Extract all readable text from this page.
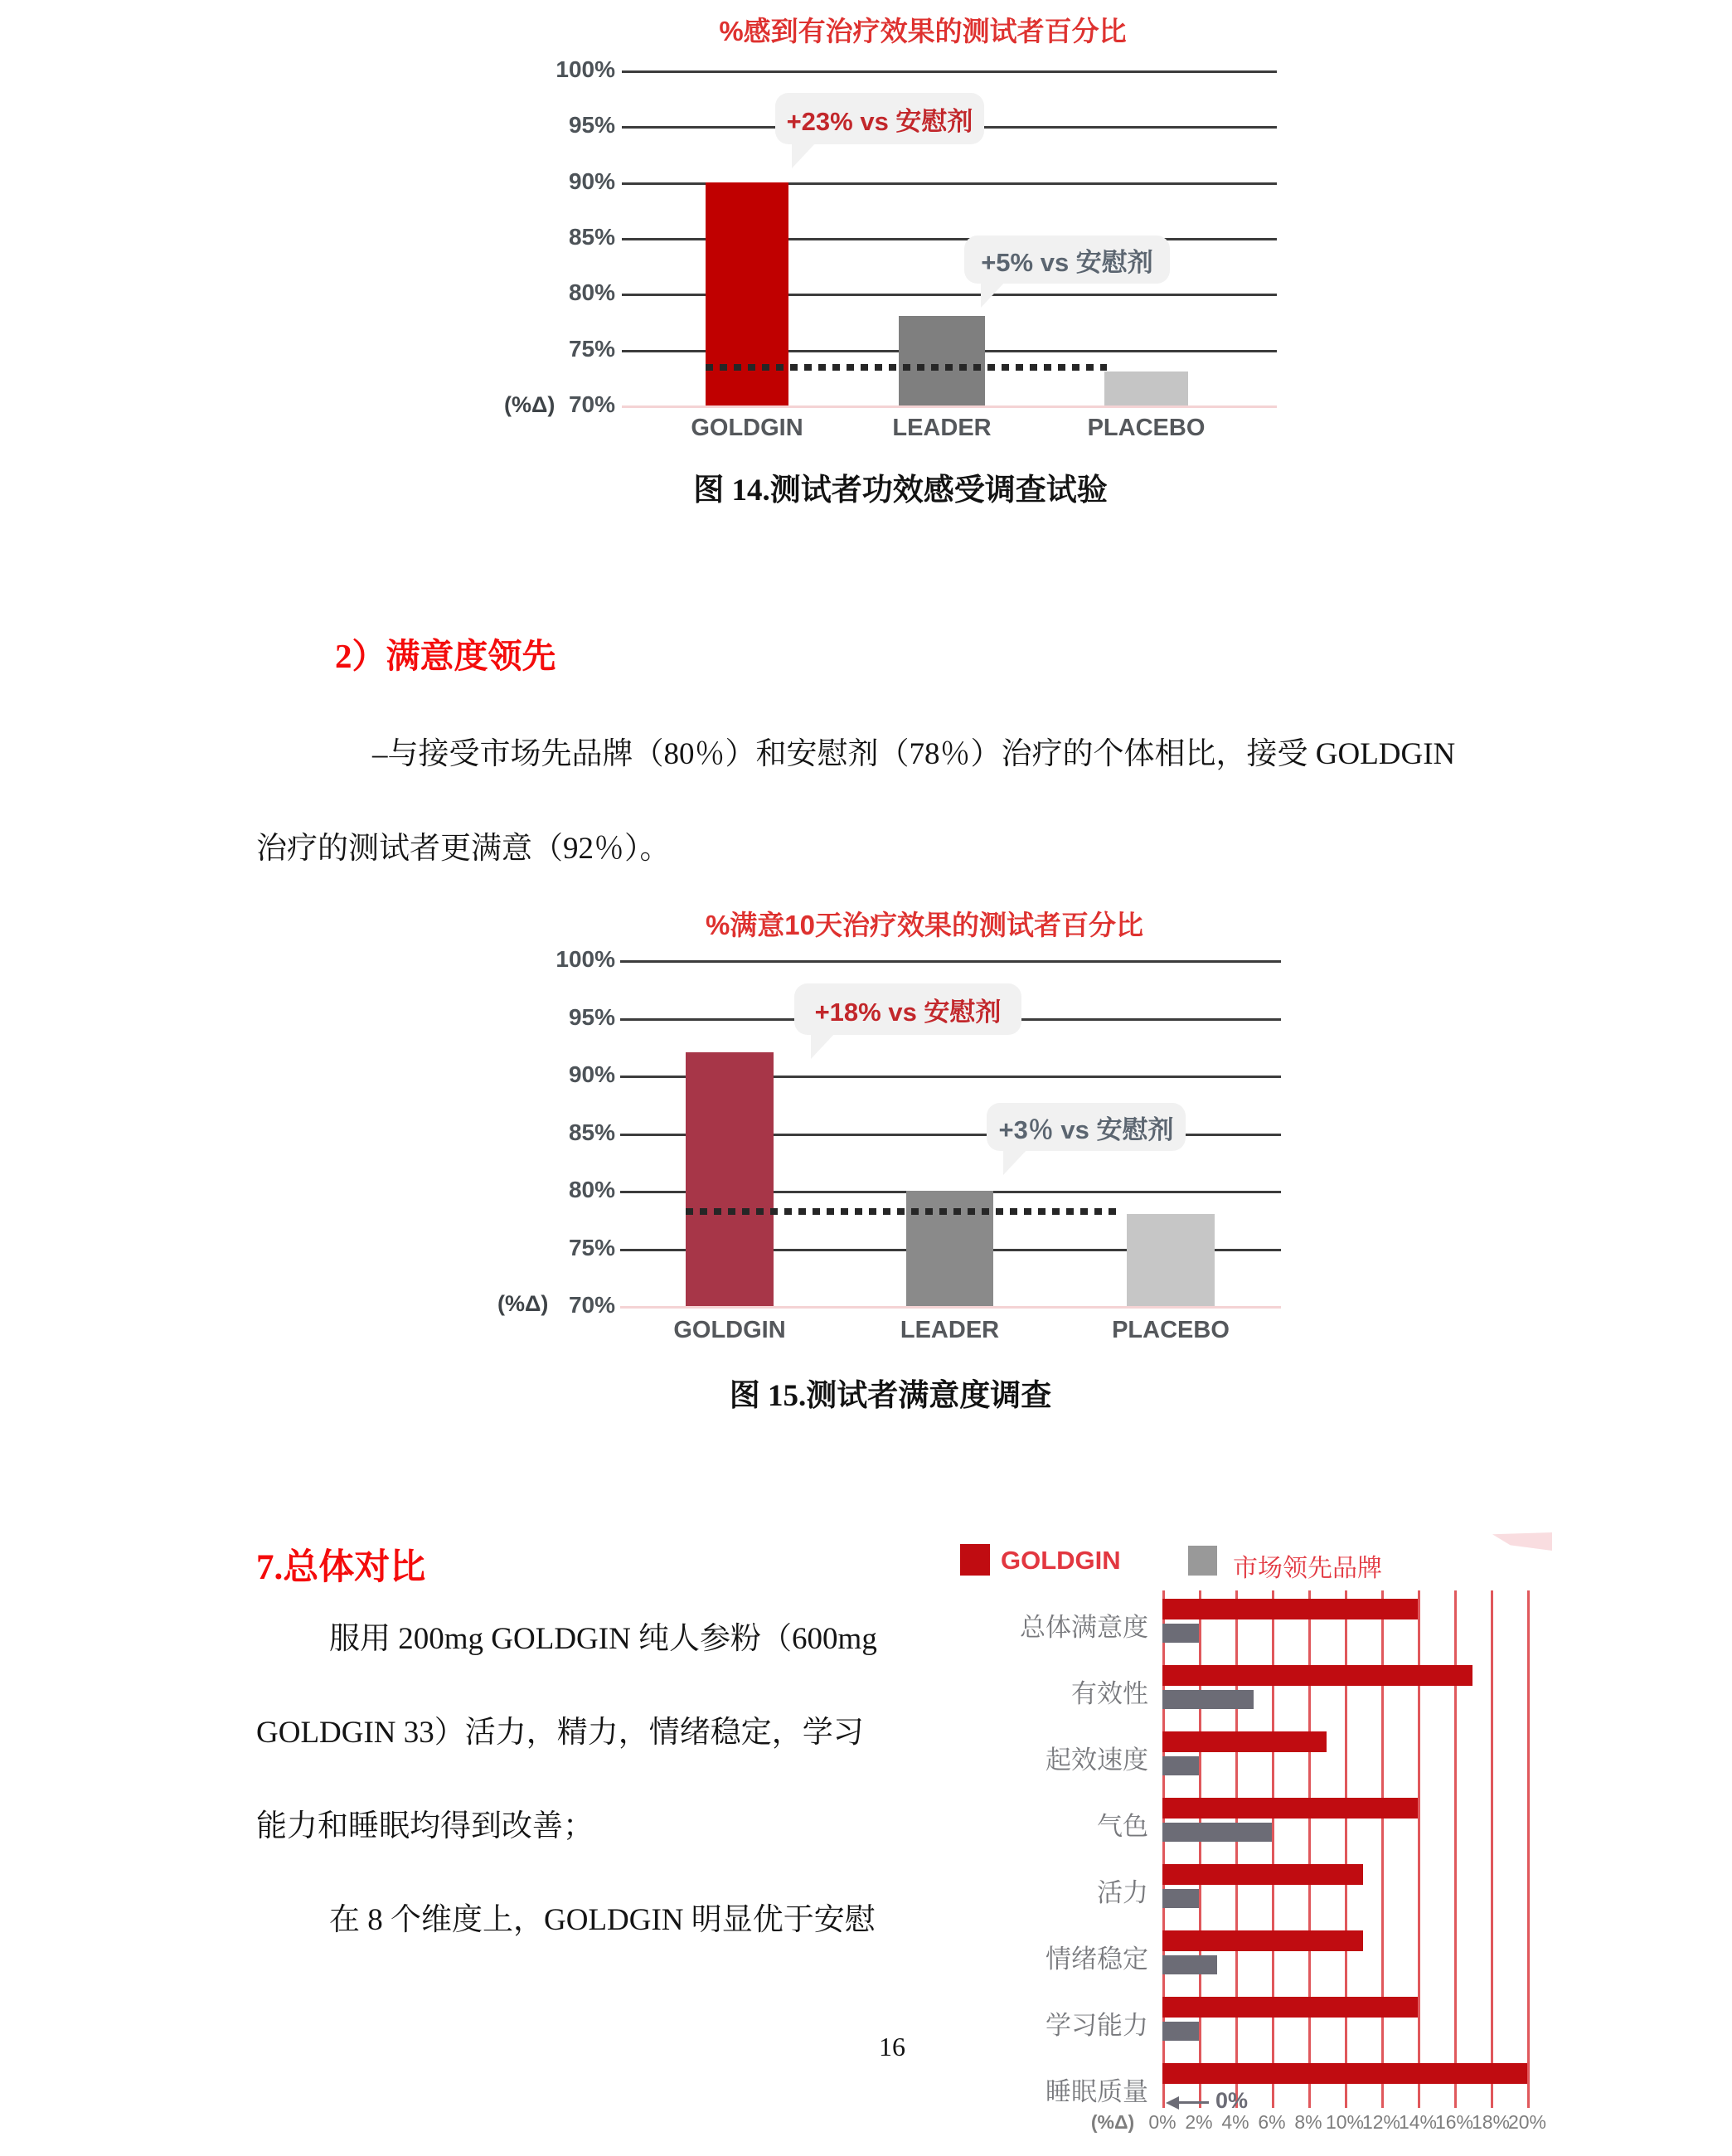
%感到有治疗效果的测试者百分比
100%
95%
90%
85%
80%
75%
70%
(%Δ)
GOLDGIN	LEADER	PLACEBO
+23% vs 安慰剂
+5% vs 安慰剂
图 14.测试者功效感受调查试验
2）满意度领先
–与接受市场先品牌（80％）和安慰剂（78％）治疗的个体相比，接受 GOLDGIN
治疗的测试者更满意（92％）。
%满意10天治疗效果的测试者百分比
100%
95%
90%
85%
80%
75%
70%
(%Δ)
GOLDGIN	LEADER	PLACEBO
+18% vs 安慰剂
+3％ vs 安慰剂
图 15.测试者满意度调查
7.总体对比
服用 200mg GOLDGIN 纯人参粉（600mg
GOLDGIN 33）活力，精力，情绪稳定，学习
能力和睡眠均得到改善；
在 8 个维度上，GOLDGIN 明显优于安慰
16
GOLDGIN	市场领先品牌
总体满意度
有效性
起效速度
气色
活力
情绪稳定
学习能力
睡眠质量	0%
(%Δ) 0% 2% 4% 6% 8% 10%
12%
14%
16%
18%
20%
